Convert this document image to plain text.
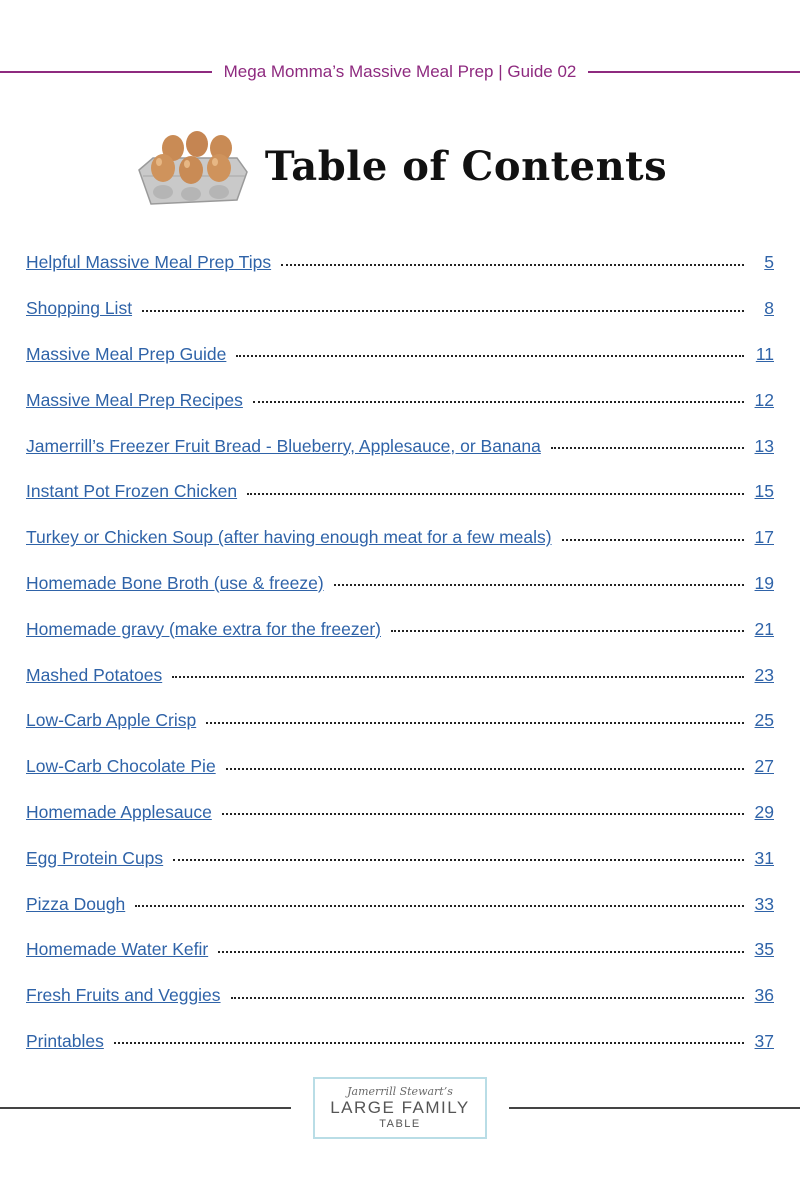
Mega Momma’s Massive Meal Prep | Guide 02
Table of Contents
Helpful Massive Meal Prep Tips	5
Shopping List	8
Massive Meal Prep Guide	11
Massive Meal Prep Recipes	12
Jamerrill’s Freezer Fruit Bread - Blueberry, Applesauce, or Banana	13
Instant Pot Frozen Chicken	15
Turkey or Chicken Soup (after having enough meat for a few meals)	17
Homemade Bone Broth (use & freeze)	19
Homemade gravy (make extra for the freezer)	21
Mashed Potatoes	23
Low-Carb Apple Crisp	25
Low-Carb Chocolate Pie	27
Homemade Applesauce	29
Egg Protein Cups	31
Pizza Dough	33
Homemade Water Kefir	35
Fresh Fruits and Veggies	36
Printables	37
Jamerrill Stewart’s
LARGE FAMILY
TABLE
